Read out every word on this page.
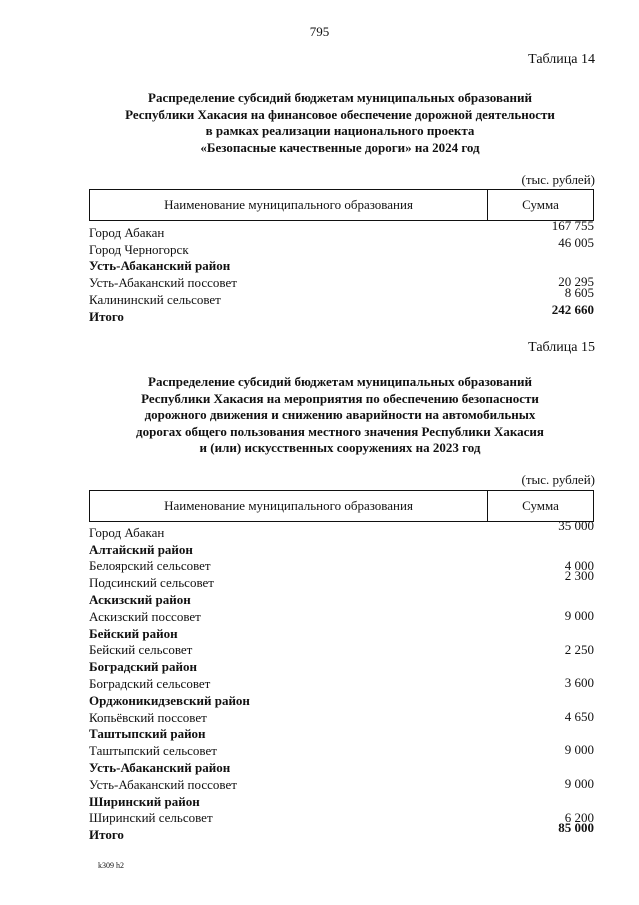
795
Таблица 14
Распределение субсидий бюджетам муниципальных образований
Республики Хакасия на финансовое обеспечение дорожной деятельности
в рамках реализации национального проекта
«Безопасные качественные дороги» на 2024 год
(тыс. рублей)
Наименование муниципального образования	Сумма
Город Абакан	167 755
Город Черногорск	46 005
Усть-Абаканский район
Усть-Абаканский поссовет	20 295
Калининский сельсовет	8 605
Итого	242 660
Таблица 15
Распределение субсидий бюджетам муниципальных образований
Республики Хакасия на мероприятия по обеспечению безопасности
дорожного движения и снижению аварийности на автомобильных
дорогах общего пользования местного значения Республики Хакасия
и (или) искусственных сооружениях на 2023 год
(тыс. рублей)
Наименование муниципального образования	Сумма
Город Абакан	35 000
Алтайский район
Белоярский сельсовет	4 000
Подсинский сельсовет	2 300
Аскизский район
Аскизский поссовет	9 000
Бейский район
Бейский сельсовет	2 250
Боградский район
Боградский сельсовет	3 600
Орджоникидзевский район
Копьёвский поссовет	4 650
Таштыпский район
Таштыпский сельсовет	9 000
Усть-Абаканский район
Усть-Абаканский поссовет	9 000
Ширинский район
Ширинский сельсовет	6 200
Итого	85 000
k309 h2
